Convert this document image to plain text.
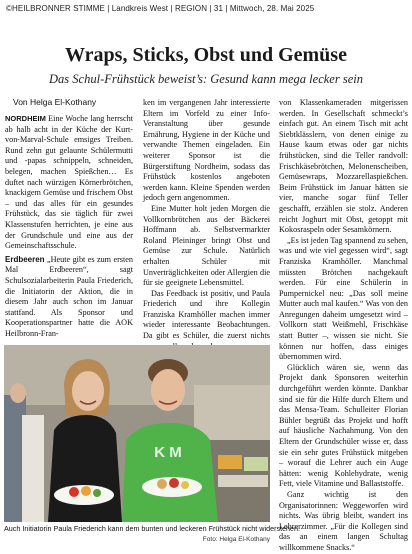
©HEILBRONNER STIMME | Landkreis West | REGION | 31 | Mittwoch, 28. Mai 2025
Wraps, Sticks, Obst und Gemüse
Das Schul-Frühstück beweist’s: Gesund kann mega lecker sein
Von Helga El-Kothany

NORDHEIM Eine Woche lang herrscht ab halb acht in der Küche der Kurt-von-Marval-Schule emsiges Treiben. Rund zehn gut gelaunte Schülermutti und -papas schnippeln, schneiden, belegen, machen Spießchen… Es duftet nach würzigen Körnerbrötchen, knackigem Gemüse und frischem Obst – und das alles für ein gesundes Frühstück, das sie täglich für zwei Klassenstufen herrichten, je eine aus der Grundschule und eine aus der Gemeinschaftsschule.

Erdbeeren „Heute gibt es zum ersten Mal Erdbeeren“, sagt Schulsozialarbeiterin Paula Friederich, die Initiatorin der Aktion, die in diesem Jahr auch schon im Januar stattfand. Als Sponsor und Kooperationspartner hatte die AOK Heilbronn-Fran-

ken im vergangenen Jahr interessierte Eltern im Vorfeld zu einer Info-Veranstaltung über gesunde Ernährung, Hygiene in der Küche und verwandte Themen eingeladen. Ein weiterer Sponsor ist die Bürgerstiftung Nordheim, sodass das Frühstück kostenlos angeboten werden kann. Kleine Spenden werden jedoch gern angenommen.

Eine Mutter holt jeden Morgen die Vollkornbrötchen aus der Bäckerei Hoffmann ab. Selbstvermarkter Roland Pleininger bringt Obst und Gemüse zur Schule. Natürlich erhalten Schüler mit Unverträglichkeiten oder Allergien die für sie geeignete Lebensmittel.

Das Feedback ist positiv, und Paula Friederich und ihre Kollegin Franziska Kramhöller machen immer wieder interessante Beobachtungen. Da gibt es Schüler, die zuerst nichts

von Klassenkameraden mitgerissen werden. In Gesellschaft schmeckt’s einfach gut. An einem Tisch mit acht Siebtklässlern, von denen einige zu Hause kaum etwas oder gar nichts frühstücken, sind die Teller randvoll: Frischkäsebrötchen, Melonenscheiben, Gemüsewraps, Mozzarellaspießchen. Beim Frühstück im Januar hätten sie vier, manche sogar fünf Teller geschafft, erzählen sie stolz. Anderen reicht Joghurt mit Obst, getoppt mit Kokosraspeln oder Sesamkörnern.

„Es ist jeden Tag spannend zu sehen, was und wie viel gegessen wird“, sagt Franziska Kramhöller. Manchmal müssten Brötchen nachgekauft werden. Für eine Schülerin in Pumpernickel neu: „Das soll meine Mutter auch mal kaufen.“ Was von den Anregungen daheim umgesetzt wird – Vollkorn statt Weißmehl, Frischkäse statt Butter –, wissen sie nicht. Sie können nur hoffen, dass einiges übernommen wird.

Glücklich wären sie, wenn das Projekt dank Sponsoren weiterhin durchgeführt werden könnte. Dankbar sind sie für die Hilfe durch Eltern und das Mensa-Team. Schulleiter Florian Bühler begrüßt das Projekt und hofft auf häusliche Nachahmung. Von den Eltern der Grundschüler wisse er, dass sie ein sehr gutes Frühstück mitgeben – worauf die Lehrer auch ein Auge hätten: wenig Kohlehydrate, wenig Fett, viele Vitamine und Ballaststoffe.

Ganz wichtig ist den Organisatorinnen: Weggeworfen wird nichts. Was übrig bleibt, wandert ins Lehrerzimmer. „Für die Kollegen sind das an einem langen Schultag willkommene Snacks.“

K M
Auch Initiatorin Paula Friederich kann dem bunten und leckeren Frühstück nicht widerstehen.
Foto: Helga El-Kothany
